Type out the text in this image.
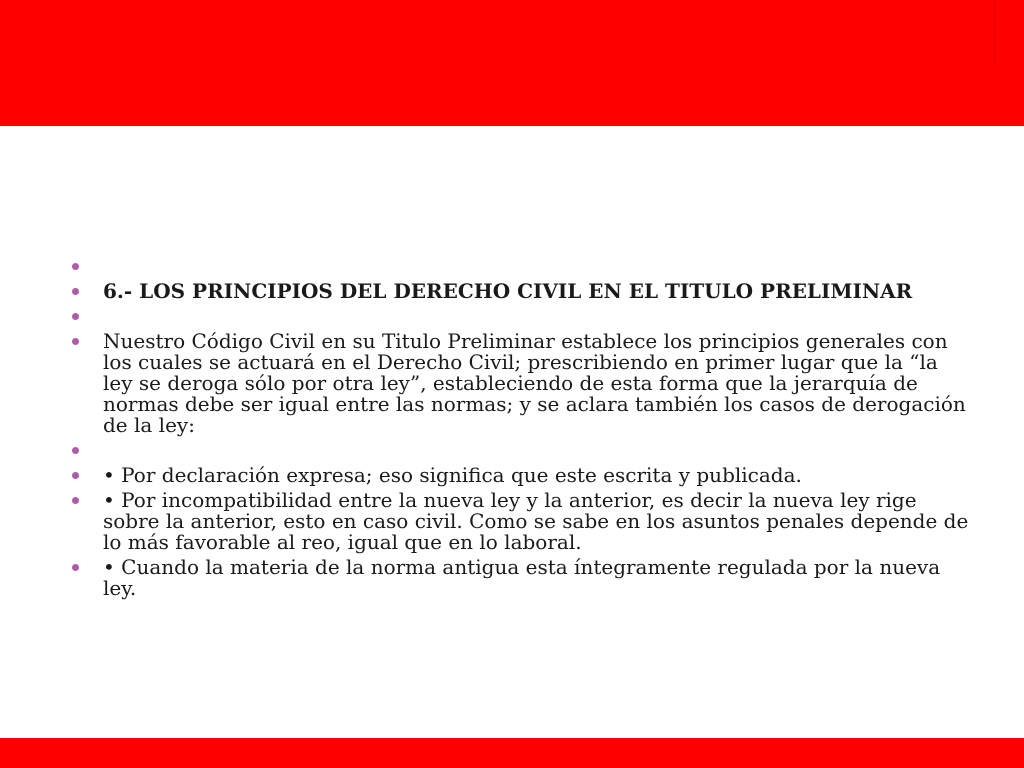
6.- LOS PRINCIPIOS DEL DERECHO CIVIL EN EL TITULO PRELIMINAR
Nuestro Código Civil en su Titulo Preliminar establece los principios generales con los cuales se actuará en el Derecho Civil; prescribiendo en primer lugar que la “la ley se deroga sólo por otra ley”, estableciendo de esta forma que la jerarquía de normas debe ser igual entre las normas; y se aclara también los casos de derogación de la ley:
• Por declaración expresa; eso significa que este escrita y publicada.
• Por incompatibilidad entre la nueva ley y la anterior, es decir la nueva ley rige sobre la anterior, esto en caso civil. Como se sabe en los asuntos penales depende de lo más favorable al reo, igual que en lo laboral.
• Cuando la materia de la norma antigua esta íntegramente regulada por la nueva ley.
